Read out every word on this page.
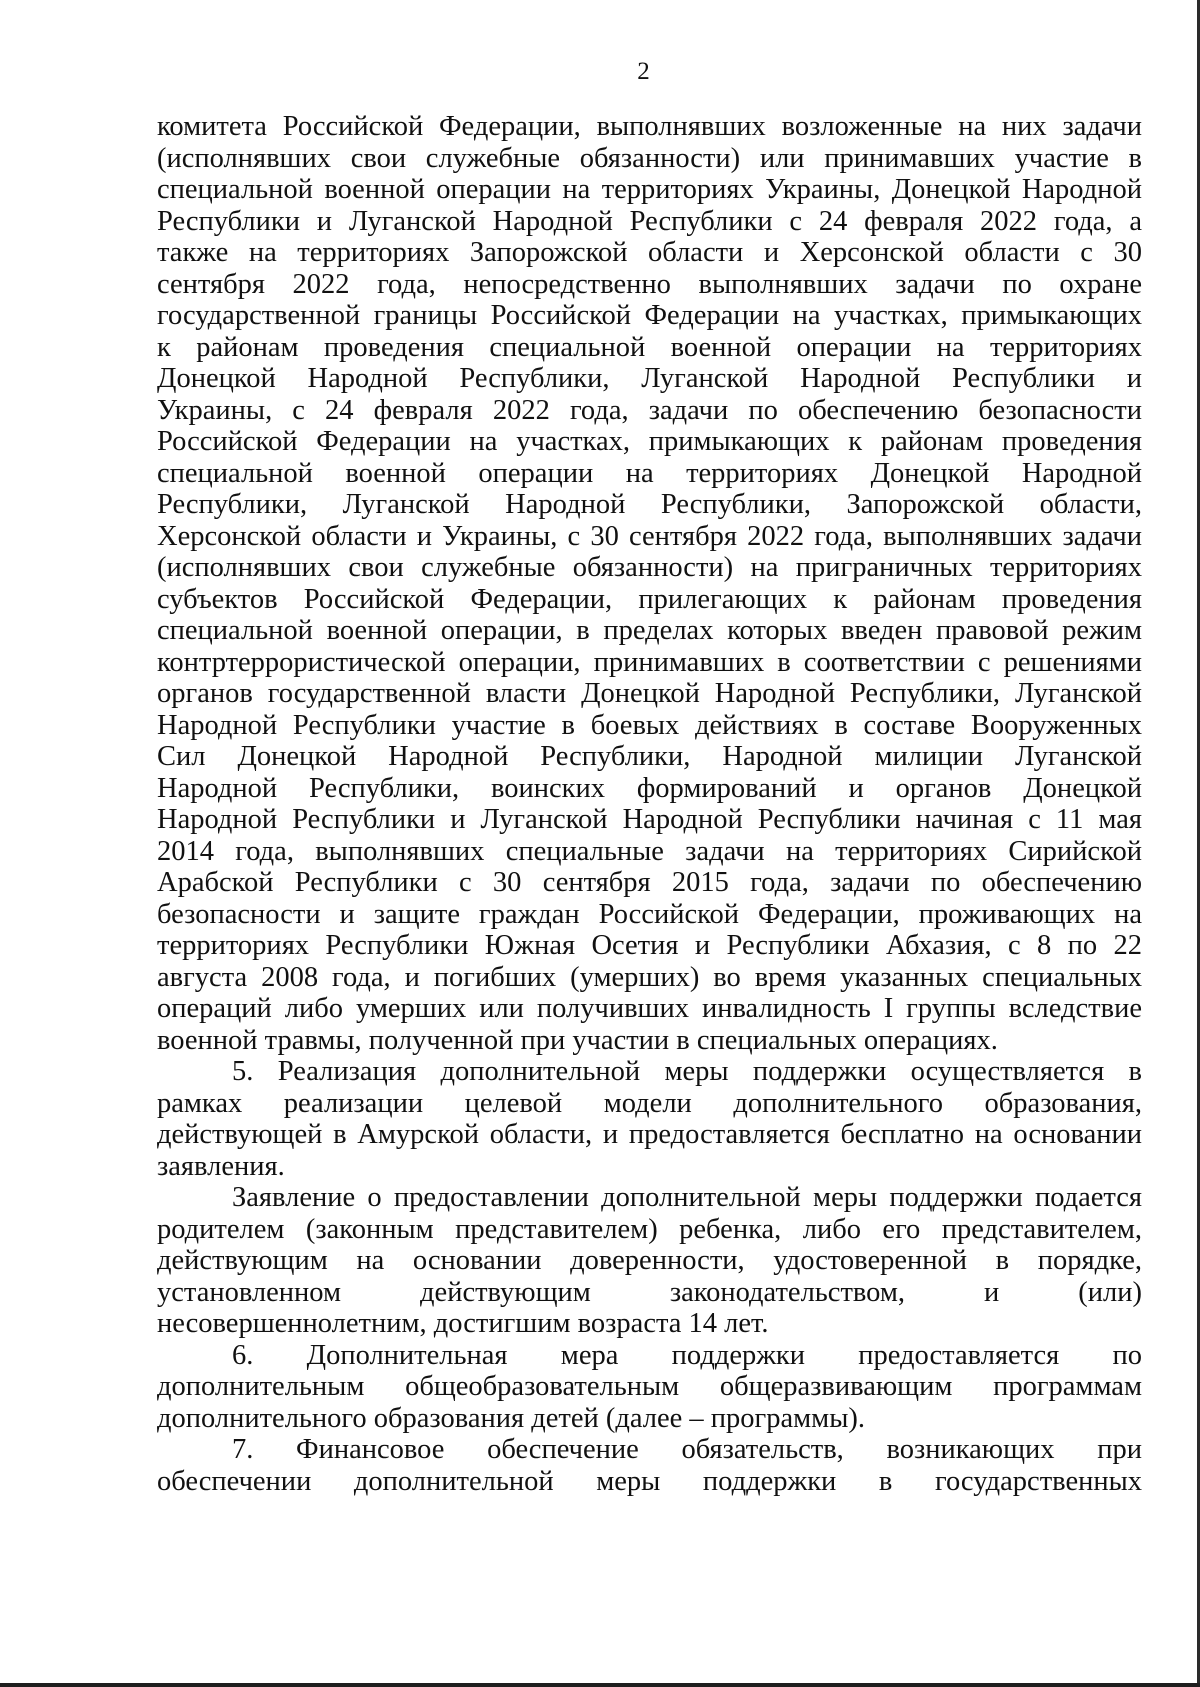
2
комитета Российской Федерации, выполнявших возложенные на них задачи
(исполнявших свои служебные обязанности) или принимавших участие в
специальной военной операции на территориях Украины, Донецкой Народной
Республики и Луганской Народной Республики с 24 февраля 2022 года, а
также на территориях Запорожской области и Херсонской области с 30
сентября 2022 года, непосредственно выполнявших задачи по охране
государственной границы Российской Федерации на участках, примыкающих
к районам проведения специальной военной операции на территориях
Донецкой Народной Республики, Луганской Народной Республики и
Украины, с 24 февраля 2022 года, задачи по обеспечению безопасности
Российской Федерации на участках, примыкающих к районам проведения
специальной военной операции на территориях Донецкой Народной
Республики, Луганской Народной Республики, Запорожской области,
Херсонской области и Украины, с 30 сентября 2022 года, выполнявших задачи
(исполнявших свои служебные обязанности) на приграничных территориях
субъектов Российской Федерации, прилегающих к районам проведения
специальной военной операции, в пределах которых введен правовой режим
контртеррористической операции, принимавших в соответствии с решениями
органов государственной власти Донецкой Народной Республики, Луганской
Народной Республики участие в боевых действиях в составе Вооруженных
Сил Донецкой Народной Республики, Народной милиции Луганской
Народной Республики, воинских формирований и органов Донецкой
Народной Республики и Луганской Народной Республики начиная с 11 мая
2014 года, выполнявших специальные задачи на территориях Сирийской
Арабской Республики с 30 сентября 2015 года, задачи по обеспечению
безопасности и защите граждан Российской Федерации, проживающих на
территориях Республики Южная Осетия и Республики Абхазия, с 8 по 22
августа 2008 года, и погибших (умерших) во время указанных специальных
операций либо умерших или получивших инвалидность I группы вследствие
военной травмы, полученной при участии в специальных операциях.
5. Реализация дополнительной меры поддержки осуществляется в
рамках реализации целевой модели дополнительного образования,
действующей в Амурской области, и предоставляется бесплатно на основании
заявления.
Заявление о предоставлении дополнительной меры поддержки подается
родителем (законным представителем) ребенка, либо его представителем,
действующим на основании доверенности, удостоверенной в порядке,
установленном действующим законодательством, и (или)
несовершеннолетним, достигшим возраста 14 лет.
6. Дополнительная мера поддержки предоставляется по
дополнительным общеобразовательным общеразвивающим программам
дополнительного образования детей (далее – программы).
7. Финансовое обеспечение обязательств, возникающих при
обеспечении дополнительной меры поддержки в государственных
